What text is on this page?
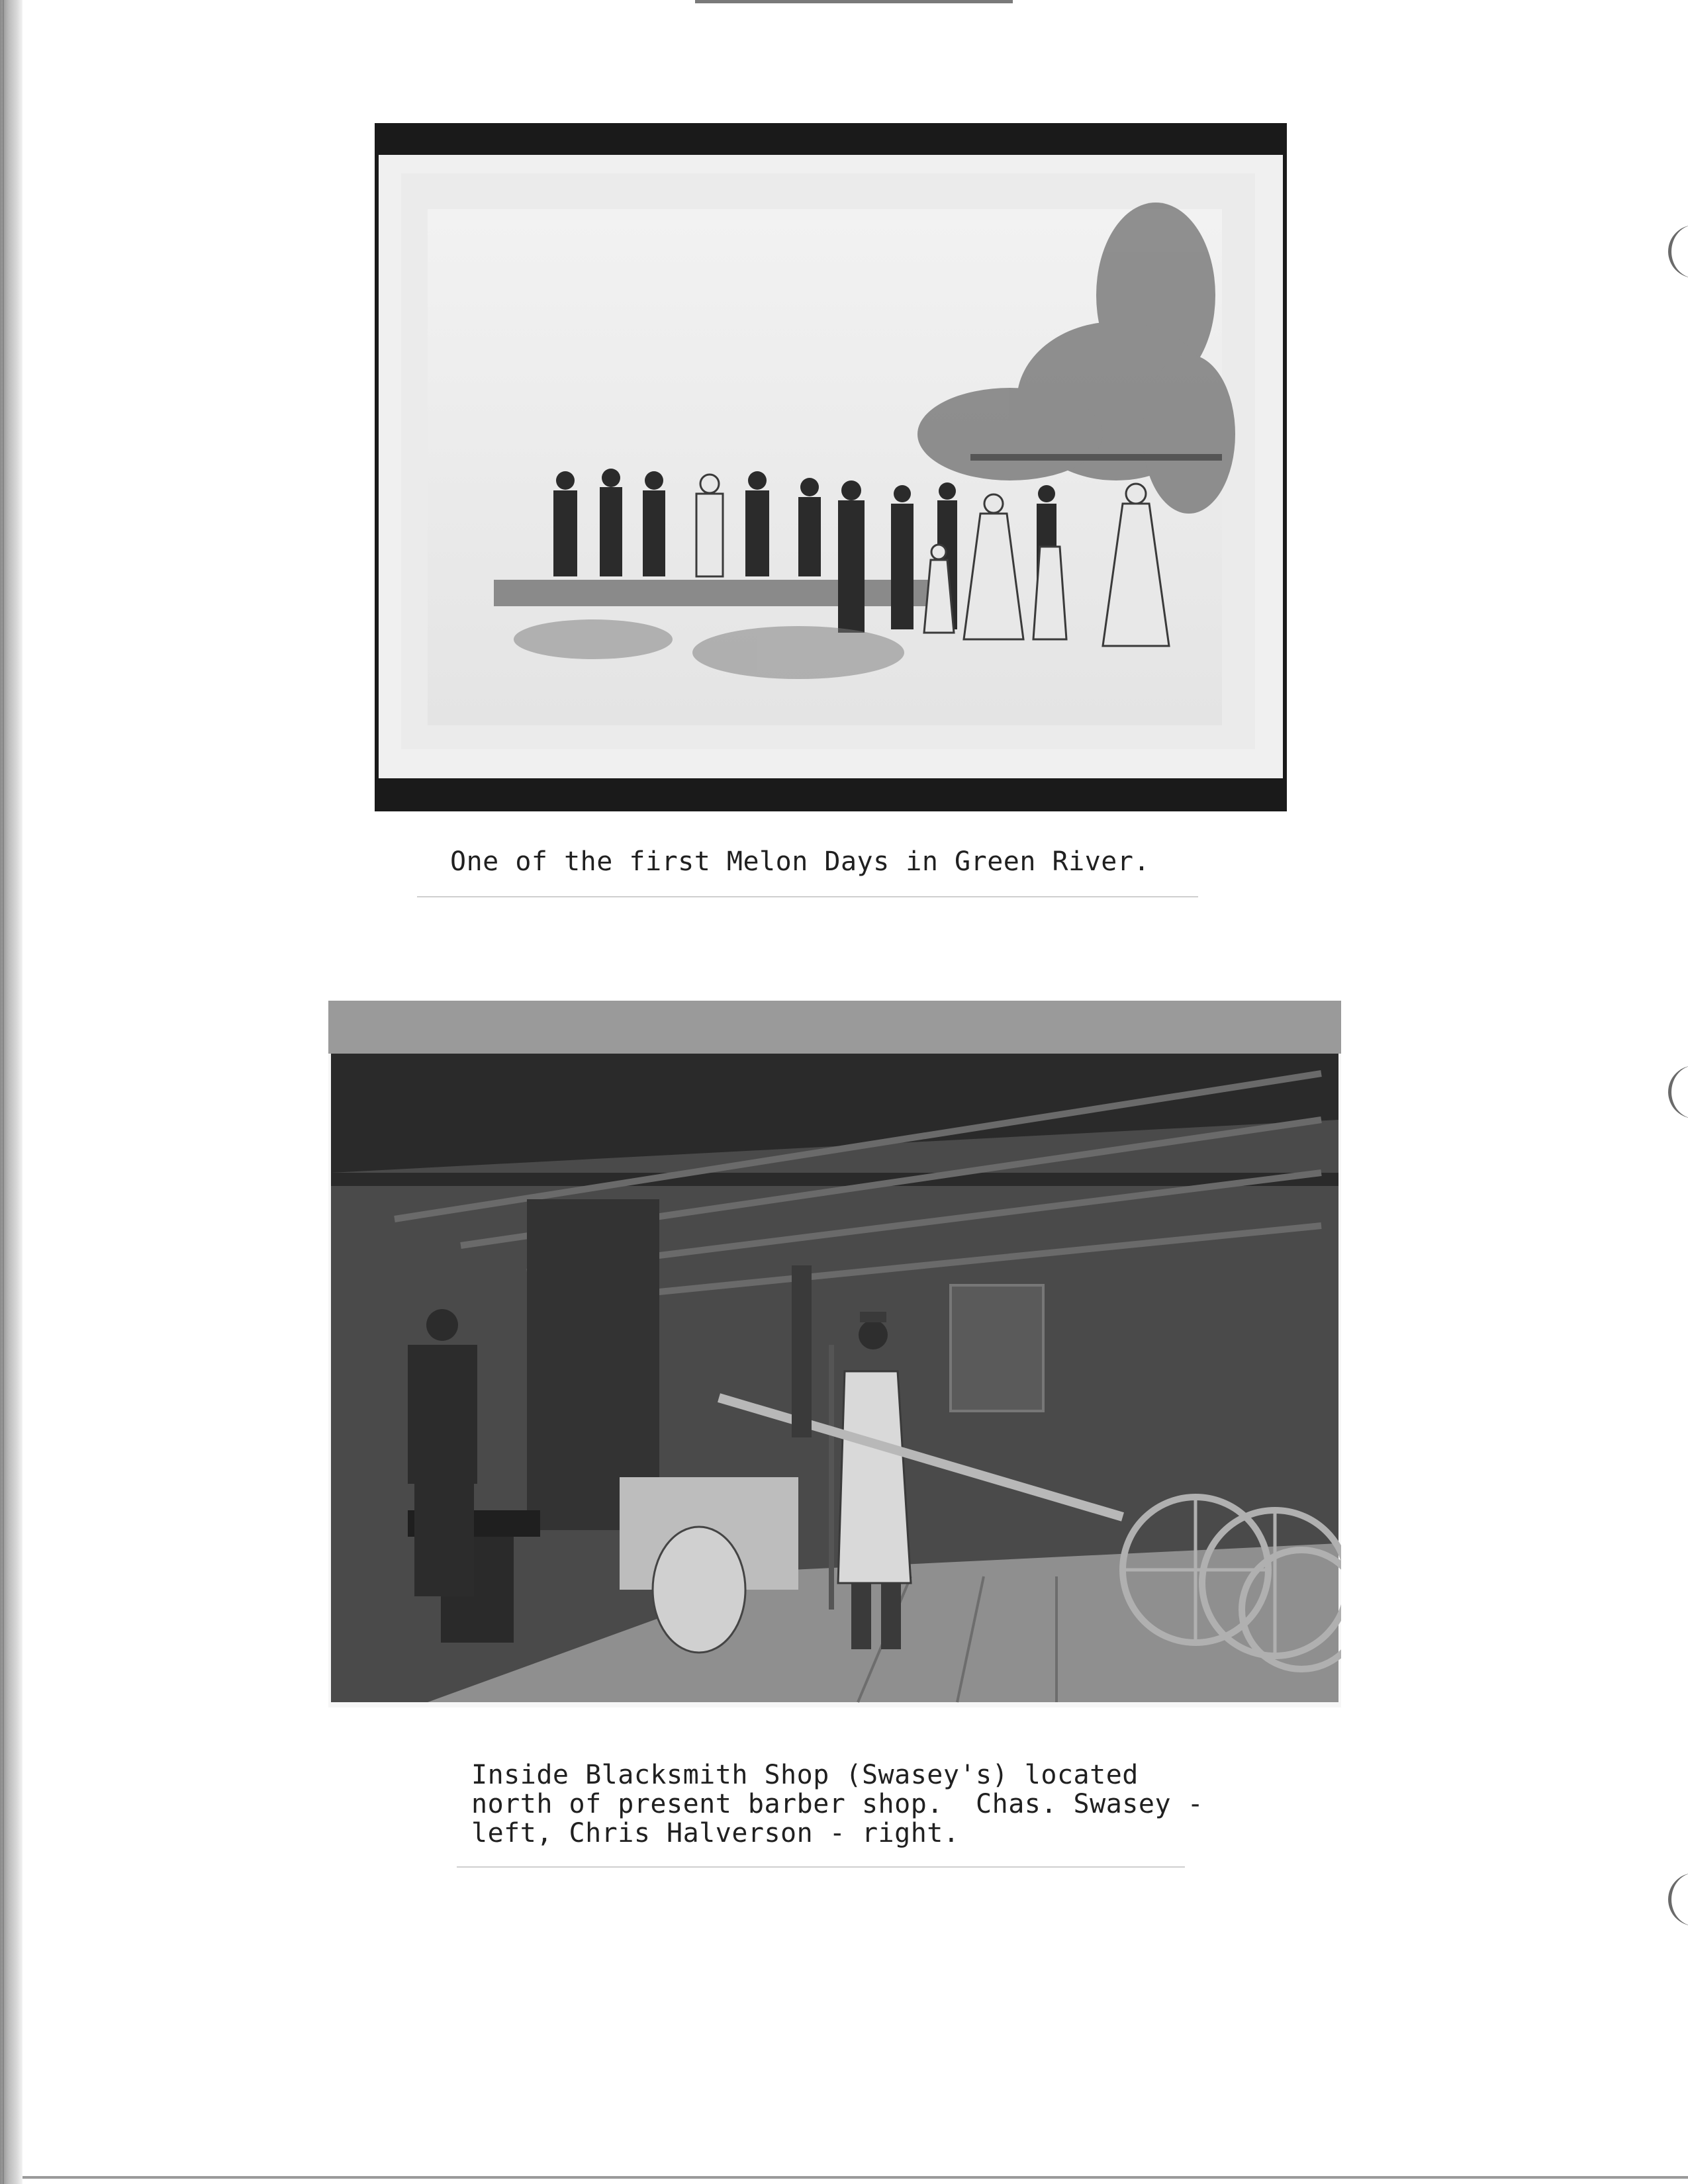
One of the first Melon Days in Green River.
Inside Blacksmith Shop (Swasey's) located
north of present barber shop.  Chas. Swasey -
left, Chris Halverson - right.
